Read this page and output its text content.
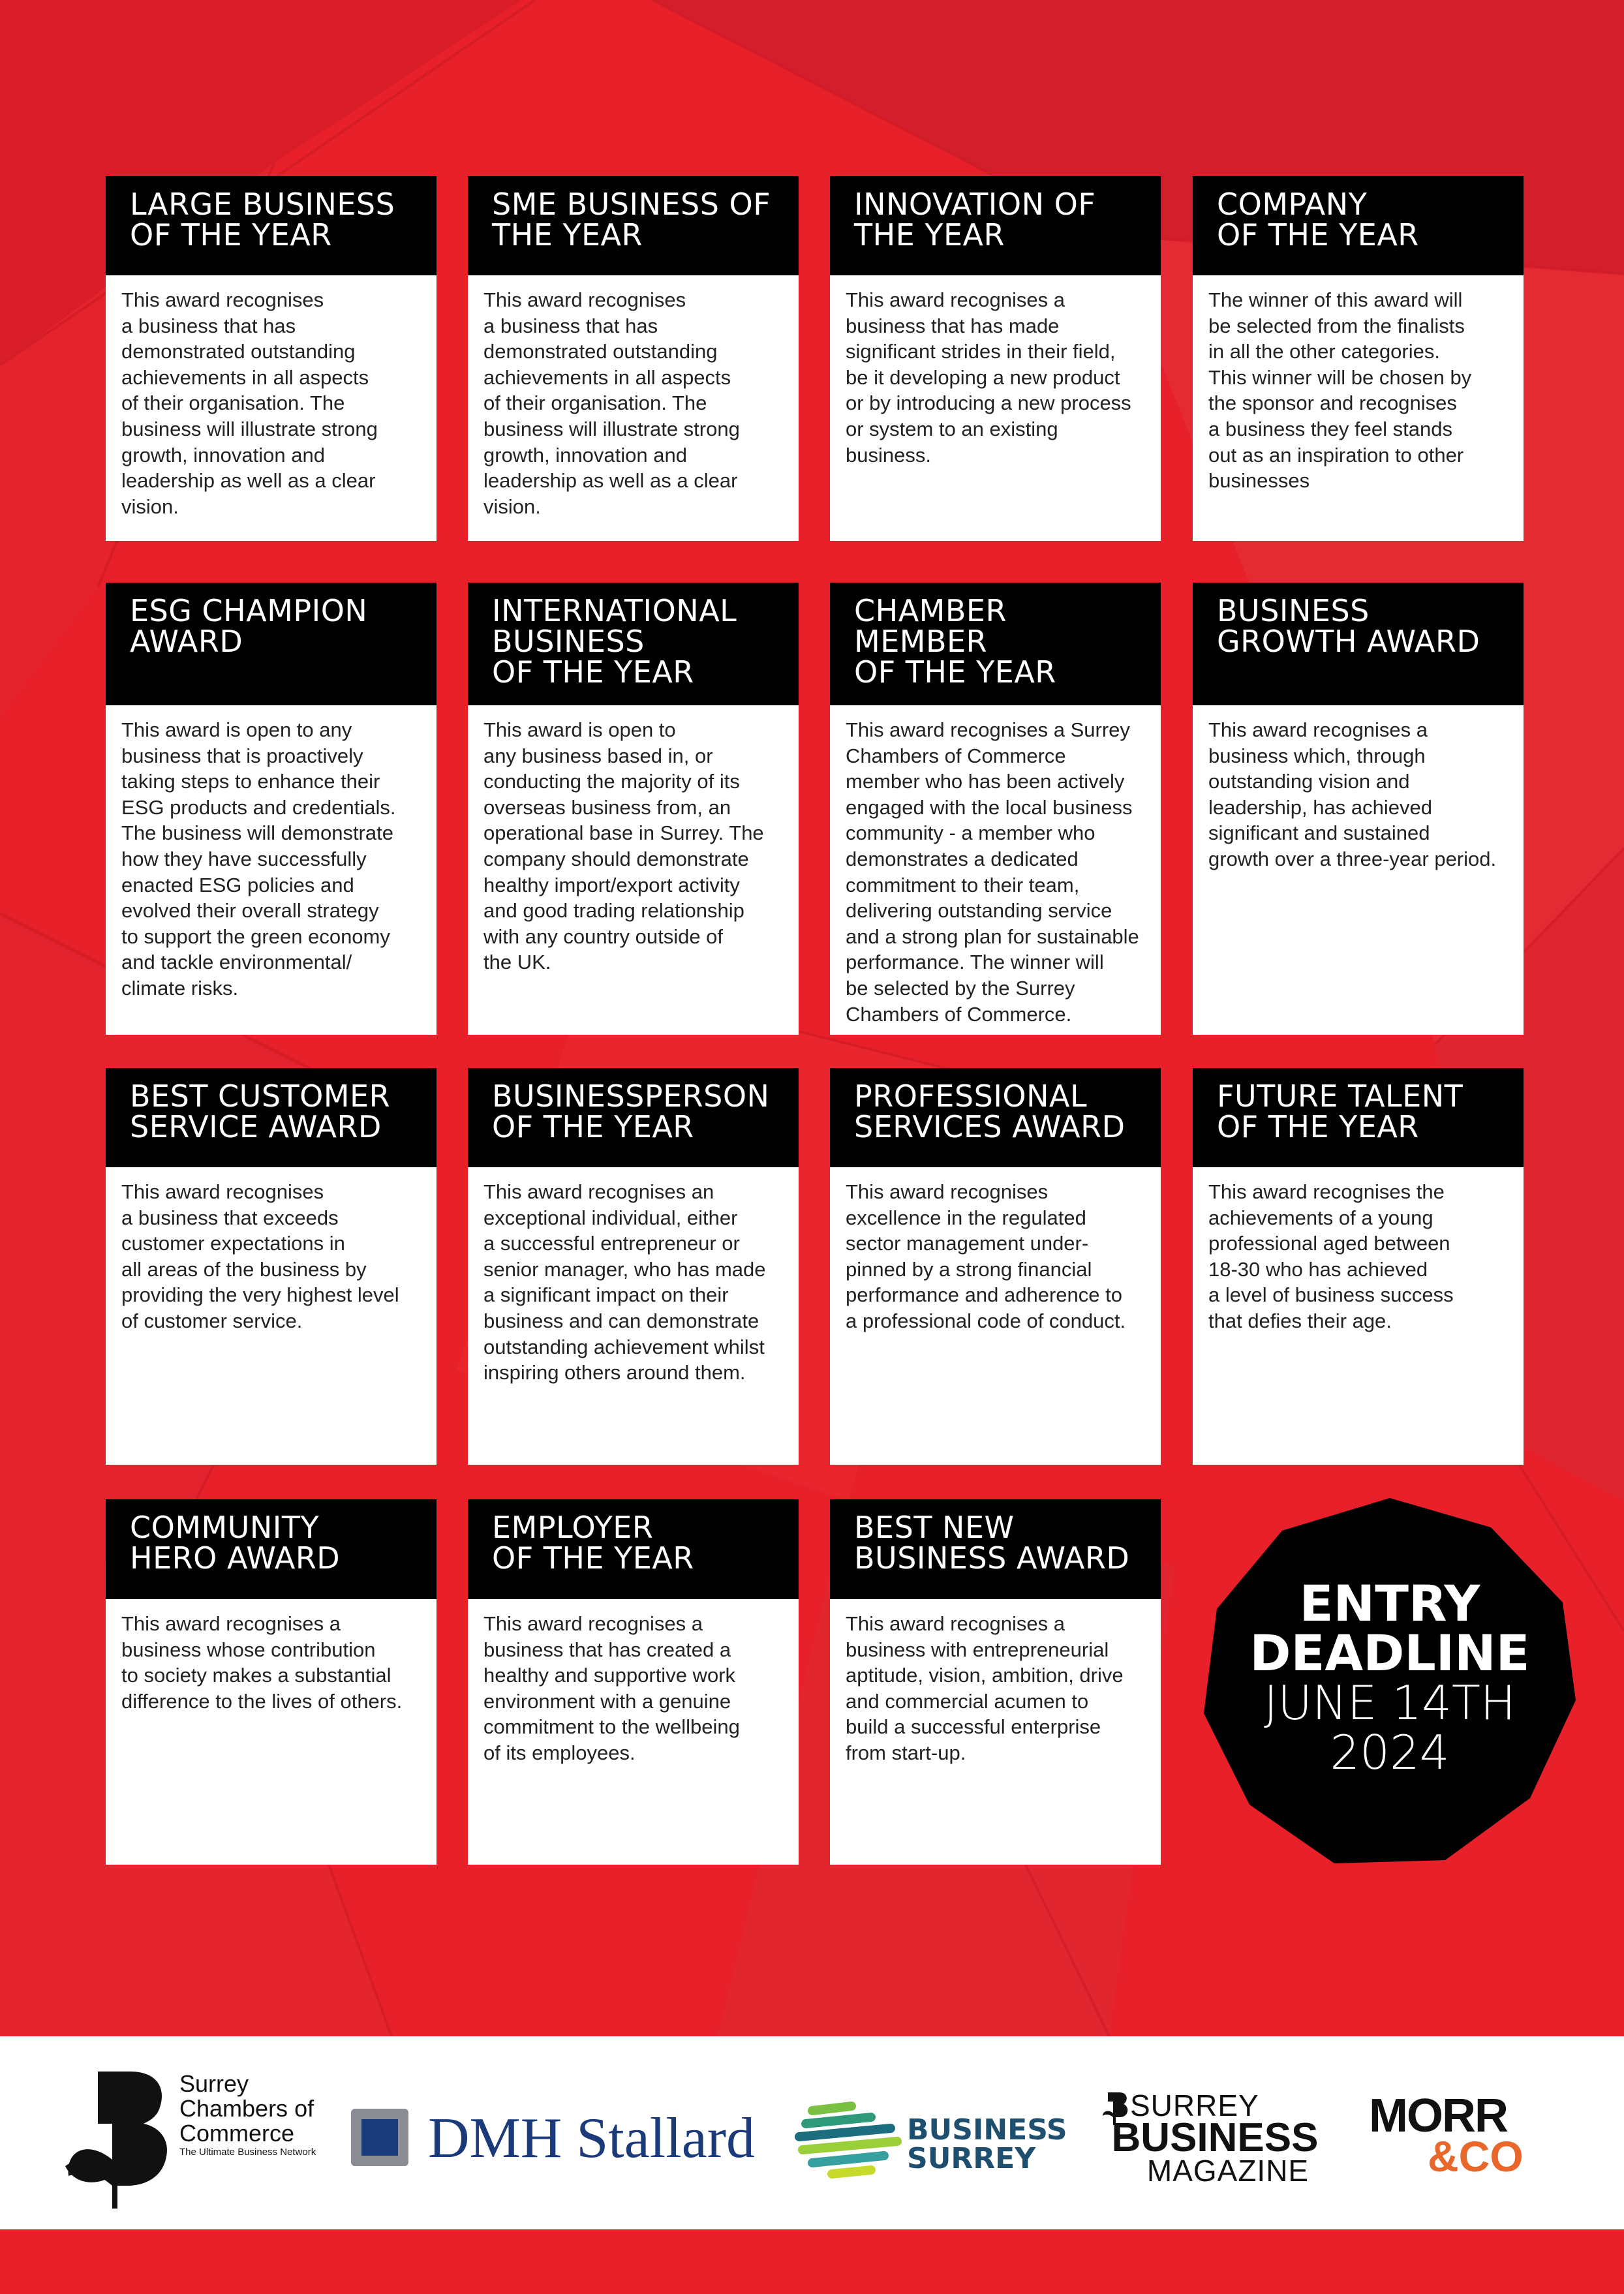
LARGE BUSINESS
OF THE YEAR
This award recognises
a business that has
demonstrated outstanding
achievements in all aspects
of their organisation. The
business will illustrate strong
growth, innovation and
leadership as well as a clear
vision.
SME BUSINESS OF
THE YEAR
This award recognises
a business that has
demonstrated outstanding
achievements in all aspects
of their organisation. The
business will illustrate strong
growth, innovation and
leadership as well as a clear
vision.
INNOVATION OF
THE YEAR
This award recognises a
business that has made
significant strides in their field,
be it developing a new product
or by introducing a new process
or system to an existing
business.
COMPANY
OF THE YEAR
The winner of this award will
be selected from the finalists
in all the other categories.
This winner will be chosen by
the sponsor and recognises
a business they feel stands
out as an inspiration to other
businesses
ESG CHAMPION
AWARD
This award is open to any
business that is proactively
taking steps to enhance their
ESG products and credentials.
The business will demonstrate
how they have successfully
enacted ESG policies and
evolved their overall strategy
to support the green economy
and tackle environmental/
climate risks.
INTERNATIONAL
BUSINESS
OF THE YEAR
This award is open to
any business based in, or
conducting the majority of its
overseas business from, an
operational base in Surrey. The
company should demonstrate
healthy import/export activity
and good trading relationship
with any country outside of
the UK.
CHAMBER
MEMBER
OF THE YEAR
This award recognises a Surrey
Chambers of Commerce
member who has been actively
engaged with the local business
community - a member who
demonstrates a dedicated
commitment to their team,
delivering outstanding service
and a strong plan for sustainable
performance. The winner will
be selected by the Surrey
Chambers of Commerce.
BUSINESS
GROWTH AWARD
This award recognises a
business which, through
outstanding vision and
leadership, has achieved
significant and sustained
growth over a three-year period.
BEST CUSTOMER
SERVICE AWARD
This award recognises
a business that exceeds
customer expectations in
all areas of the business by
providing the very highest level
of customer service.
BUSINESSPERSON
OF THE YEAR
This award recognises an
exceptional individual, either
a successful entrepreneur or
senior manager, who has made
a significant impact on their
business and can demonstrate
outstanding achievement whilst
inspiring others around them.
PROFESSIONAL
SERVICES AWARD
This award recognises
excellence in the regulated
sector management under-
pinned by a strong financial
performance and adherence to
a professional code of conduct.
FUTURE TALENT
OF THE YEAR
This award recognises the
achievements of a young
professional aged between
18-30 who has achieved
a level of business success
that defies their age.
COMMUNITY
HERO AWARD
This award recognises a
business whose contribution
to society makes a substantial
difference to the lives of others.
EMPLOYER
OF THE YEAR
This award recognises a
business that has created a
healthy and supportive work
environment with a genuine
commitment to the wellbeing
of its employees.
BEST NEW
BUSINESS AWARD
This award recognises a
business with entrepreneurial
aptitude, vision, ambition, drive
and commercial acumen to
build a successful enterprise
from start-up.
ENTRY
DEADLINE
JUNE 14TH
2024
Surrey
Chambers of
Commerce
The Ultimate Business Network DMH Stallard	BUSINESS
SURREY
SURREY
BUSINESS
MAGAZINE
MORR
&CO
